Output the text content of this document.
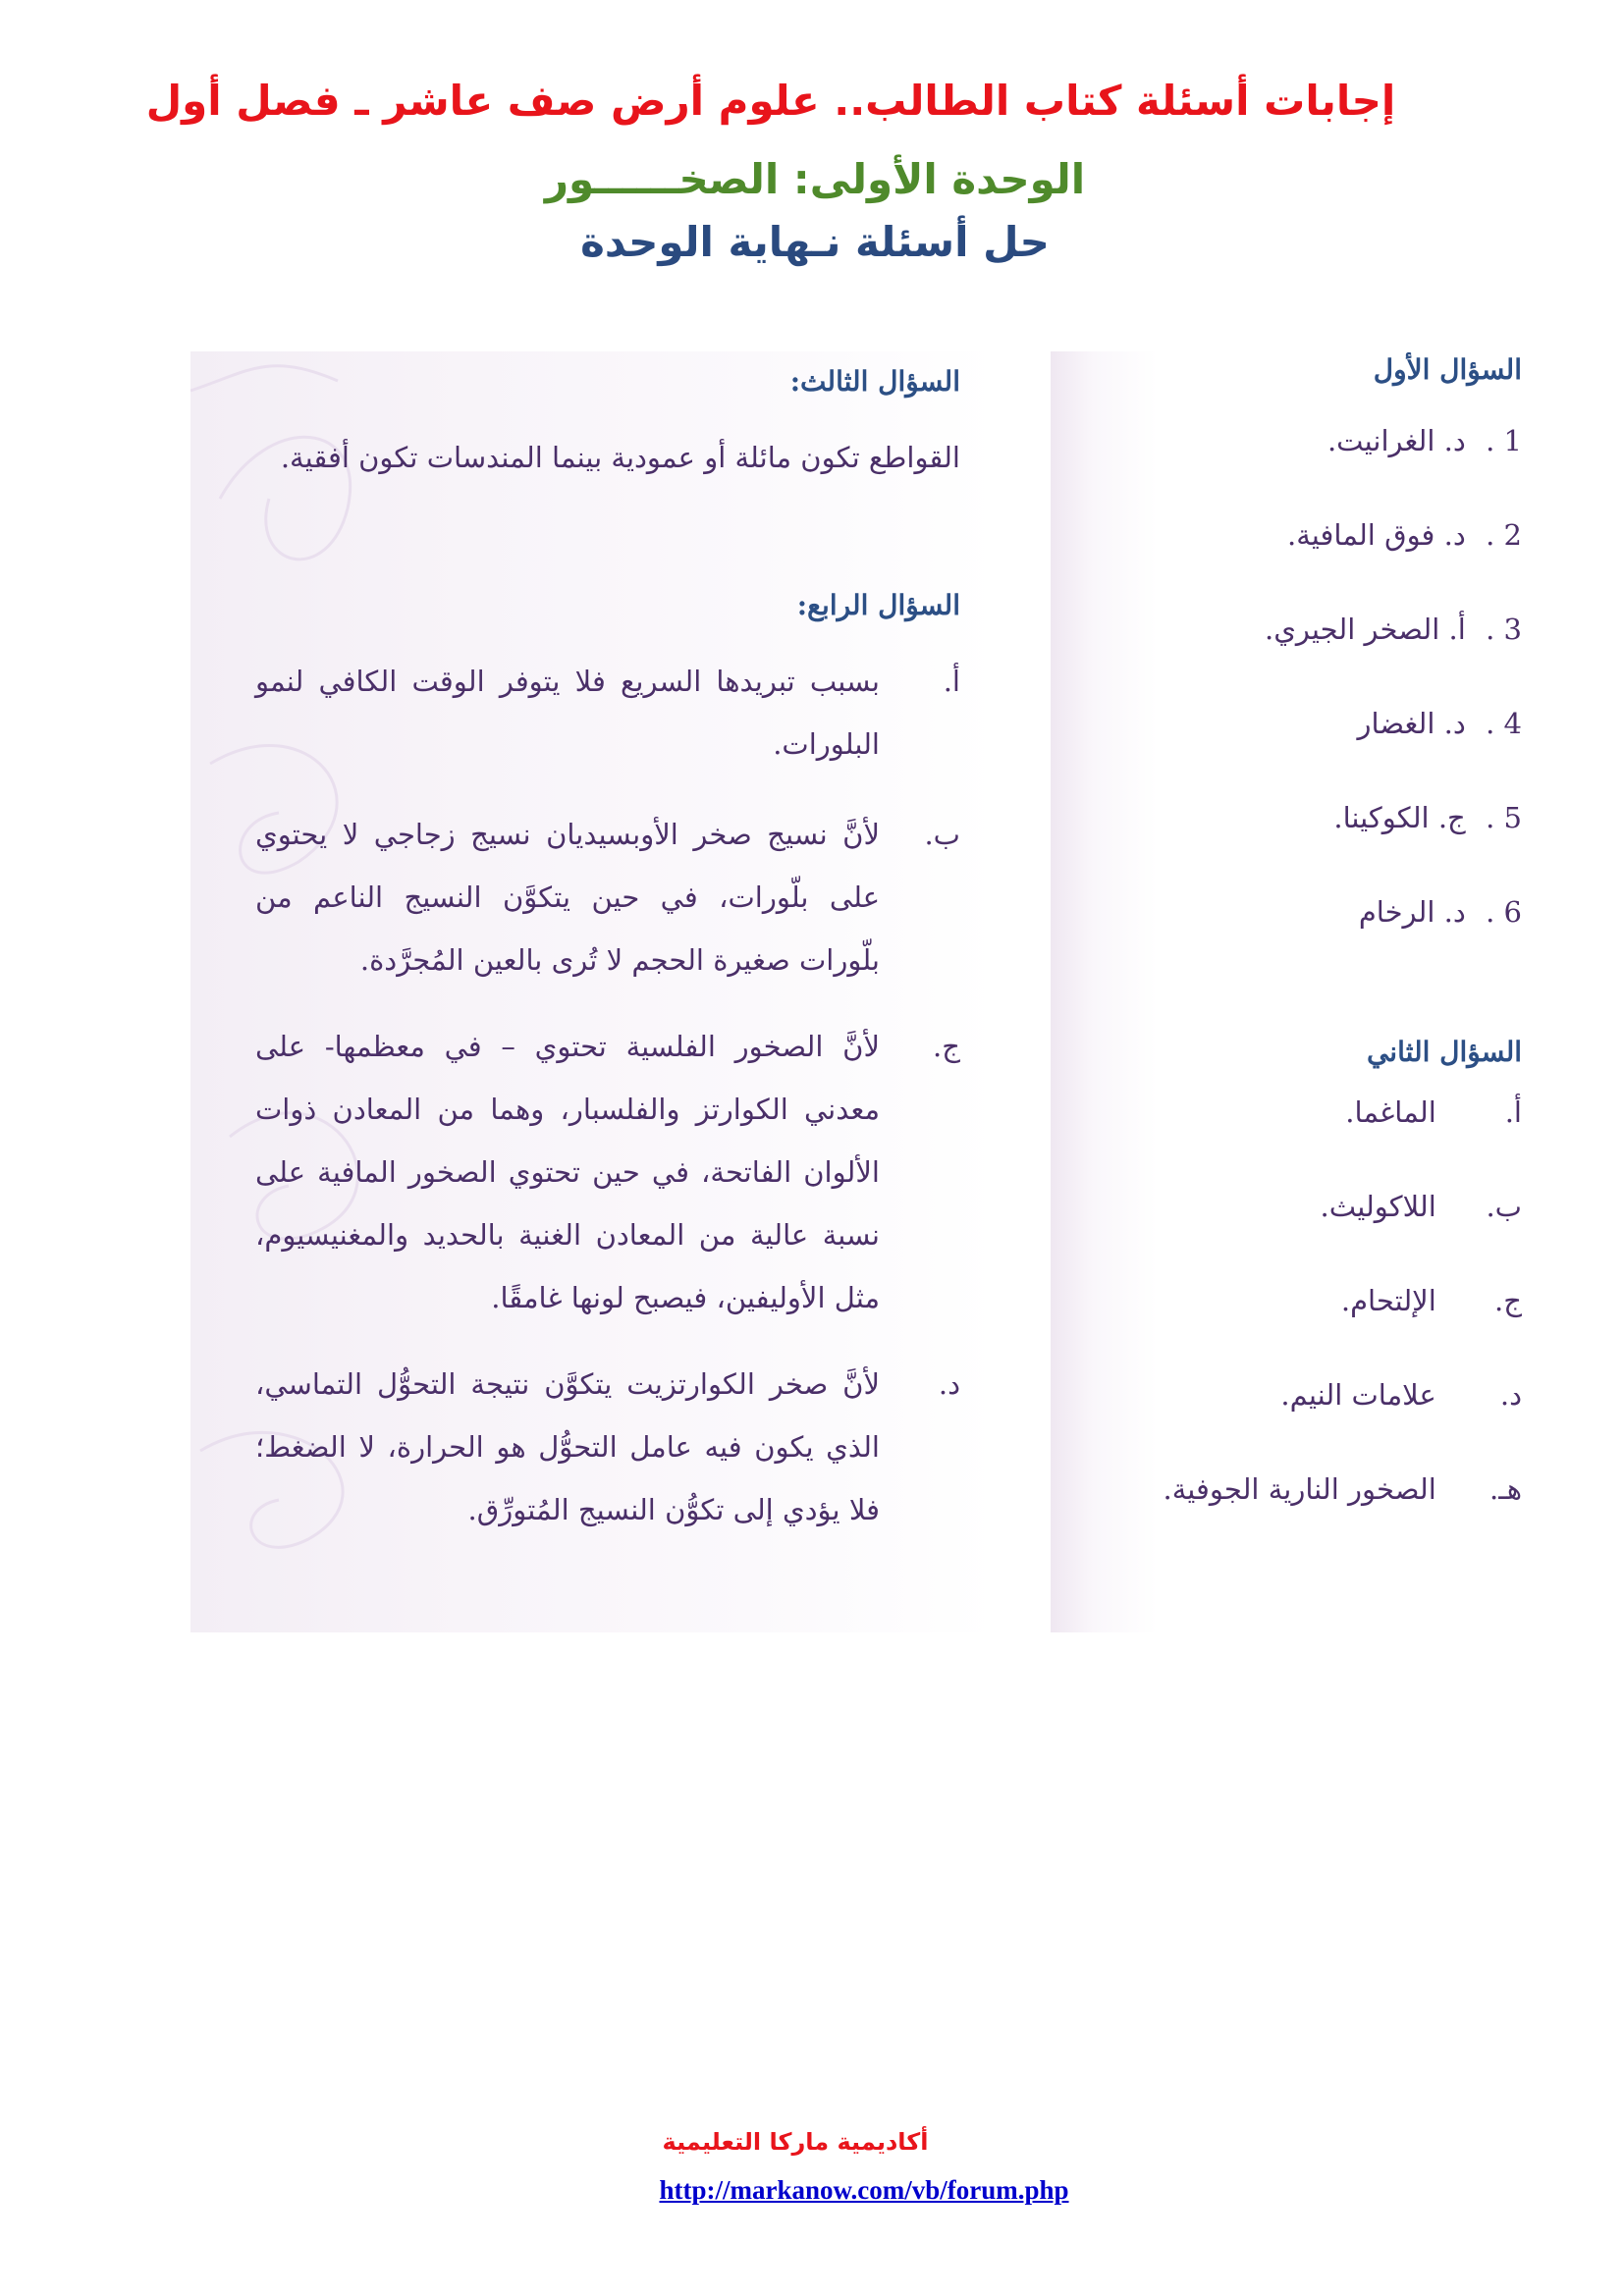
إجابات أسئلة كتاب الطالب.. علوم أرض صف عاشر ـ فصل أول
الوحدة الأولى: الصخــــــور
حل أسئلة نـهاية الوحدة
السؤال الأول
1 . د. الغرانيت.
2 . د. فوق المافية.
3 . أ. الصخر الجيري.
4 . د. الغضار
5 . ج. الكوكينا.
6 . د. الرخام
السؤال الثاني
أ. الماغما.
ب. اللاكوليث.
ج. الإلتحام.
د. علامات النيم.
هـ. الصخور النارية الجوفية.
السؤال الثالث:
القواطع تكون مائلة أو عمودية بينما المندسات تكون أفقية.
السؤال الرابع:
أ.
بسبب تبريدها السريع فلا يتوفر الوقت الكافي لنمو البلورات.
ب.
لأنَّ نسيج صخر الأوبسيديان نسيج زجاجي لا يحتوي على بلّورات، في حين يتكوَّن النسيج الناعم من بلّورات صغيرة الحجم لا تُرى بالعين المُجرَّدة.
ج.
لأنَّ الصخور الفلسية تحتوي – في معظمها- على معدني الكوارتز والفلسبار، وهما من المعادن ذوات الألوان الفاتحة، في حين تحتوي الصخور المافية على نسبة عالية من المعادن الغنية بالحديد والمغنيسيوم، مثل الأوليفين، فيصبح لونها غامقًا.
د.
لأنَّ صخر الكوارتزيت يتكوَّن نتيجة التحوُّل التماسي، الذي يكون فيه عامل التحوُّل هو الحرارة، لا الضغط؛ فلا يؤدي إلى تكوُّن النسيج المُتورِّق.
أكاديمية ماركا التعليمية
http://markanow.com/vb/forum.php
